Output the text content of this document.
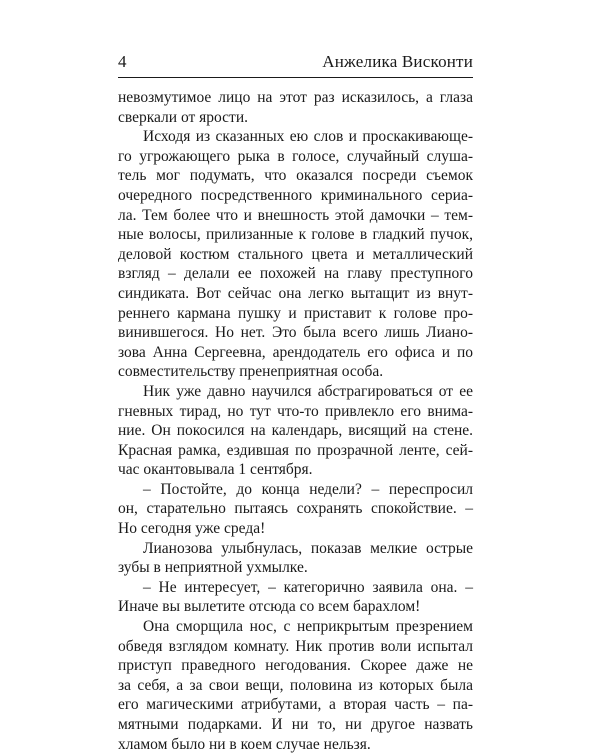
4	Анжелика Висконти
невозмутимое лицо на этот раз исказилось, а глаза
сверкали от ярости.
Исходя из сказанных ею слов и проскакивающе-
го угрожающего рыка в голосе, случайный слуша-
тель мог подумать, что оказался посреди съемок
очередного посредственного криминального сериа-
ла. Тем более что и внешность этой дамочки – тем-
ные волосы, прилизанные к голове в гладкий пучок,
деловой костюм стального цвета и металлический
взгляд – делали ее похожей на главу преступного
синдиката. Вот сейчас она легко вытащит из внут-
реннего кармана пушку и приставит к голове про-
винившегося. Но нет. Это была всего лишь Лиано-
зова Анна Сергеевна, арендодатель его офиса и по
совместительству пренеприятная особа.
Ник уже давно научился абстрагироваться от ее
гневных тирад, но тут что-то привлекло его внима-
ние. Он покосился на календарь, висящий на стене.
Красная рамка, ездившая по прозрачной ленте, сей-
час окантовывала 1 сентября.
– Постойте, до конца недели? – переспросил
он, старательно пытаясь сохранять спокойствие. –
Но сегодня уже среда!
Лианозова улыбнулась, показав мелкие острые
зубы в неприятной ухмылке.
– Не интересует, – категорично заявила она. –
Иначе вы вылетите отсюда со всем барахлом!
Она сморщила нос, с неприкрытым презрением
обведя взглядом комнату. Ник против воли испытал
приступ праведного негодования. Скорее даже не
за себя, а за свои вещи, половина из которых была
его магическими атрибутами, а вторая часть – па-
мятными подарками. И ни то, ни другое назвать
хламом было ни в коем случае нельзя.
